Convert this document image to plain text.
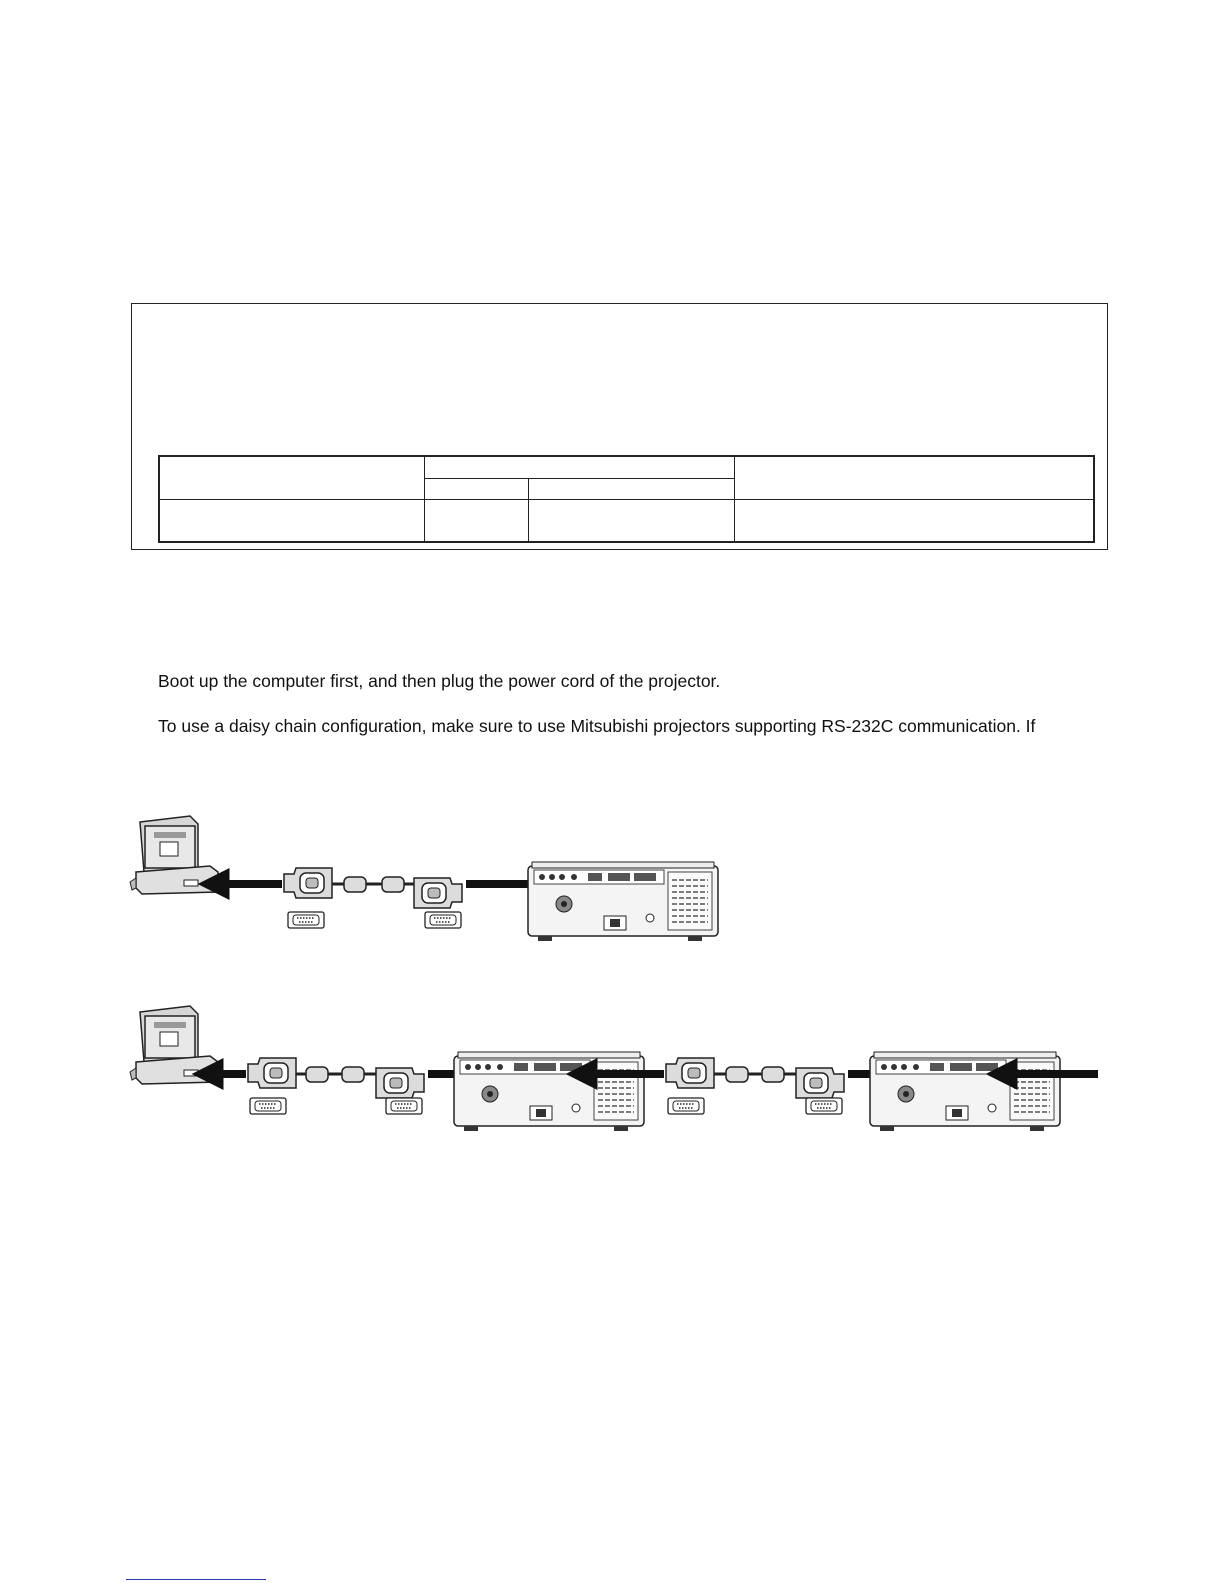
Boot up the computer first, and then plug the power cord of the projector.
To use a daisy chain configuration, make sure to use Mitsubishi projectors supporting RS-232C communication. If
